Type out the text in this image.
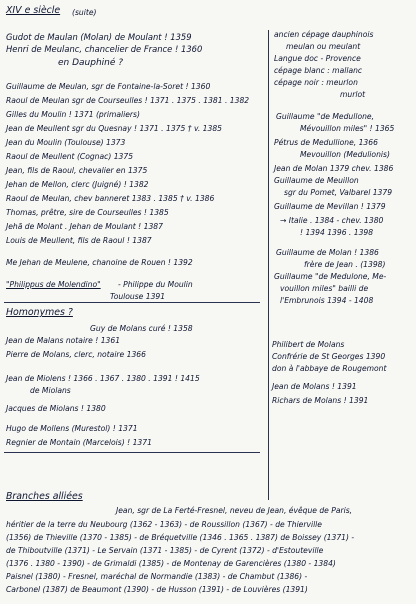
XIV e siècle (suite)
Gudot de Maulan (Molan) de Moulant ! 1359
Henri de Meulanc, chancelier de France ! 1360
en Dauphiné ?
Guillaume de Meulan, sgr de Fontaine-la-Soret ! 1360
Raoul de Meulan sgr de Courseulles ! 1371 . 1375 . 1381 . 1382
Gilles du Moulin ! 1371 (primaliers)
Jean de Meullent sgr du Quesnay ! 1371 . 1375 † v. 1385
Jean du Moulin (Toulouse) 1373
Raoul de Meullent (Cognac) 1375
Jean, fils de Raoul, chevalier en 1375
Jehan de Mellon, clerc (Juigné) ! 1382
Raoul de Meulan, chev banneret 1383 . 1385 † v. 1386
Thomas, prêtre, sire de Courseulles ! 1385
Jehã de Molant . Jehan de Moulant ! 1387
Louis de Meullent, fils de Raoul ! 1387
Me Jehan de Meulene, chanoine de Rouen ! 1392
"Philippus de Molendino" - Philippe du Moulin
Toulouse 1391
Homonymes ?
Guy de Molans curé ! 1358
Jean de Malans notaire ! 1361
Pierre de Molans, clerc, notaire 1366
Jean de Miolens ! 1366 . 1367 . 1380 . 1391 ! 1415
de Miolans
Jacques de Miolans ! 1380
Hugo de Mollens (Murestol) ! 1371
Regnier de Montain (Marcelois) ! 1371
ancien cépage dauphinois
meulan ou meulant
Langue doc - Provence
cépage blanc : mallanc
cépage noir : meurlon
murlot
Guillaume "de Medullone,
Mévouillon miles" ! 1365
Pétrus de Medullione, 1366
Mevouillon (Medulionis)
Jean de Molan 1379 chev. 1386
Guillaume de Meuillon
sgr du Pomet, Valbarel 1379
Guillaume de Mevillan ! 1379
→ Italie . 1384 - chev. 1380
! 1394 1396 . 1398
Guillaume de Molan ! 1386
frère de Jean . (1398)
Guillaume "de Medulone, Me-
vouillon miles" bailli de
l'Embrunois 1394 - 1408
Philibert de Molans
Confrérie de St Georges 1390
don à l'abbaye de Rougemont
Jean de Molans ! 1391
Richars de Molans ! 1391
Branches alliées
Jean, sgr de La Ferté-Fresnel, neveu de Jean, évêque de Paris,
héritier de la terre du Neubourg (1362 - 1363) - de Roussillon (1367) - de Thierville
(1356) de Thieville (1370 - 1385) - de Bréquetville (1346 . 1365 . 1387) de Boissey (1371) -
de Thiboutville (1371) - Le Servain (1371 - 1385) - de Cyrent (1372) - d'Estouteville
(1376 . 1380 - 1390) - de Grimaldi (1385) - de Montenay de Garencières (1380 - 1384)
Paisnel (1380) - Fresnel, maréchal de Normandie (1383) - de Chambut (1386) -
Carbonel (1387) de Beaumont (1390) - de Husson (1391) - de Louvières (1391)
